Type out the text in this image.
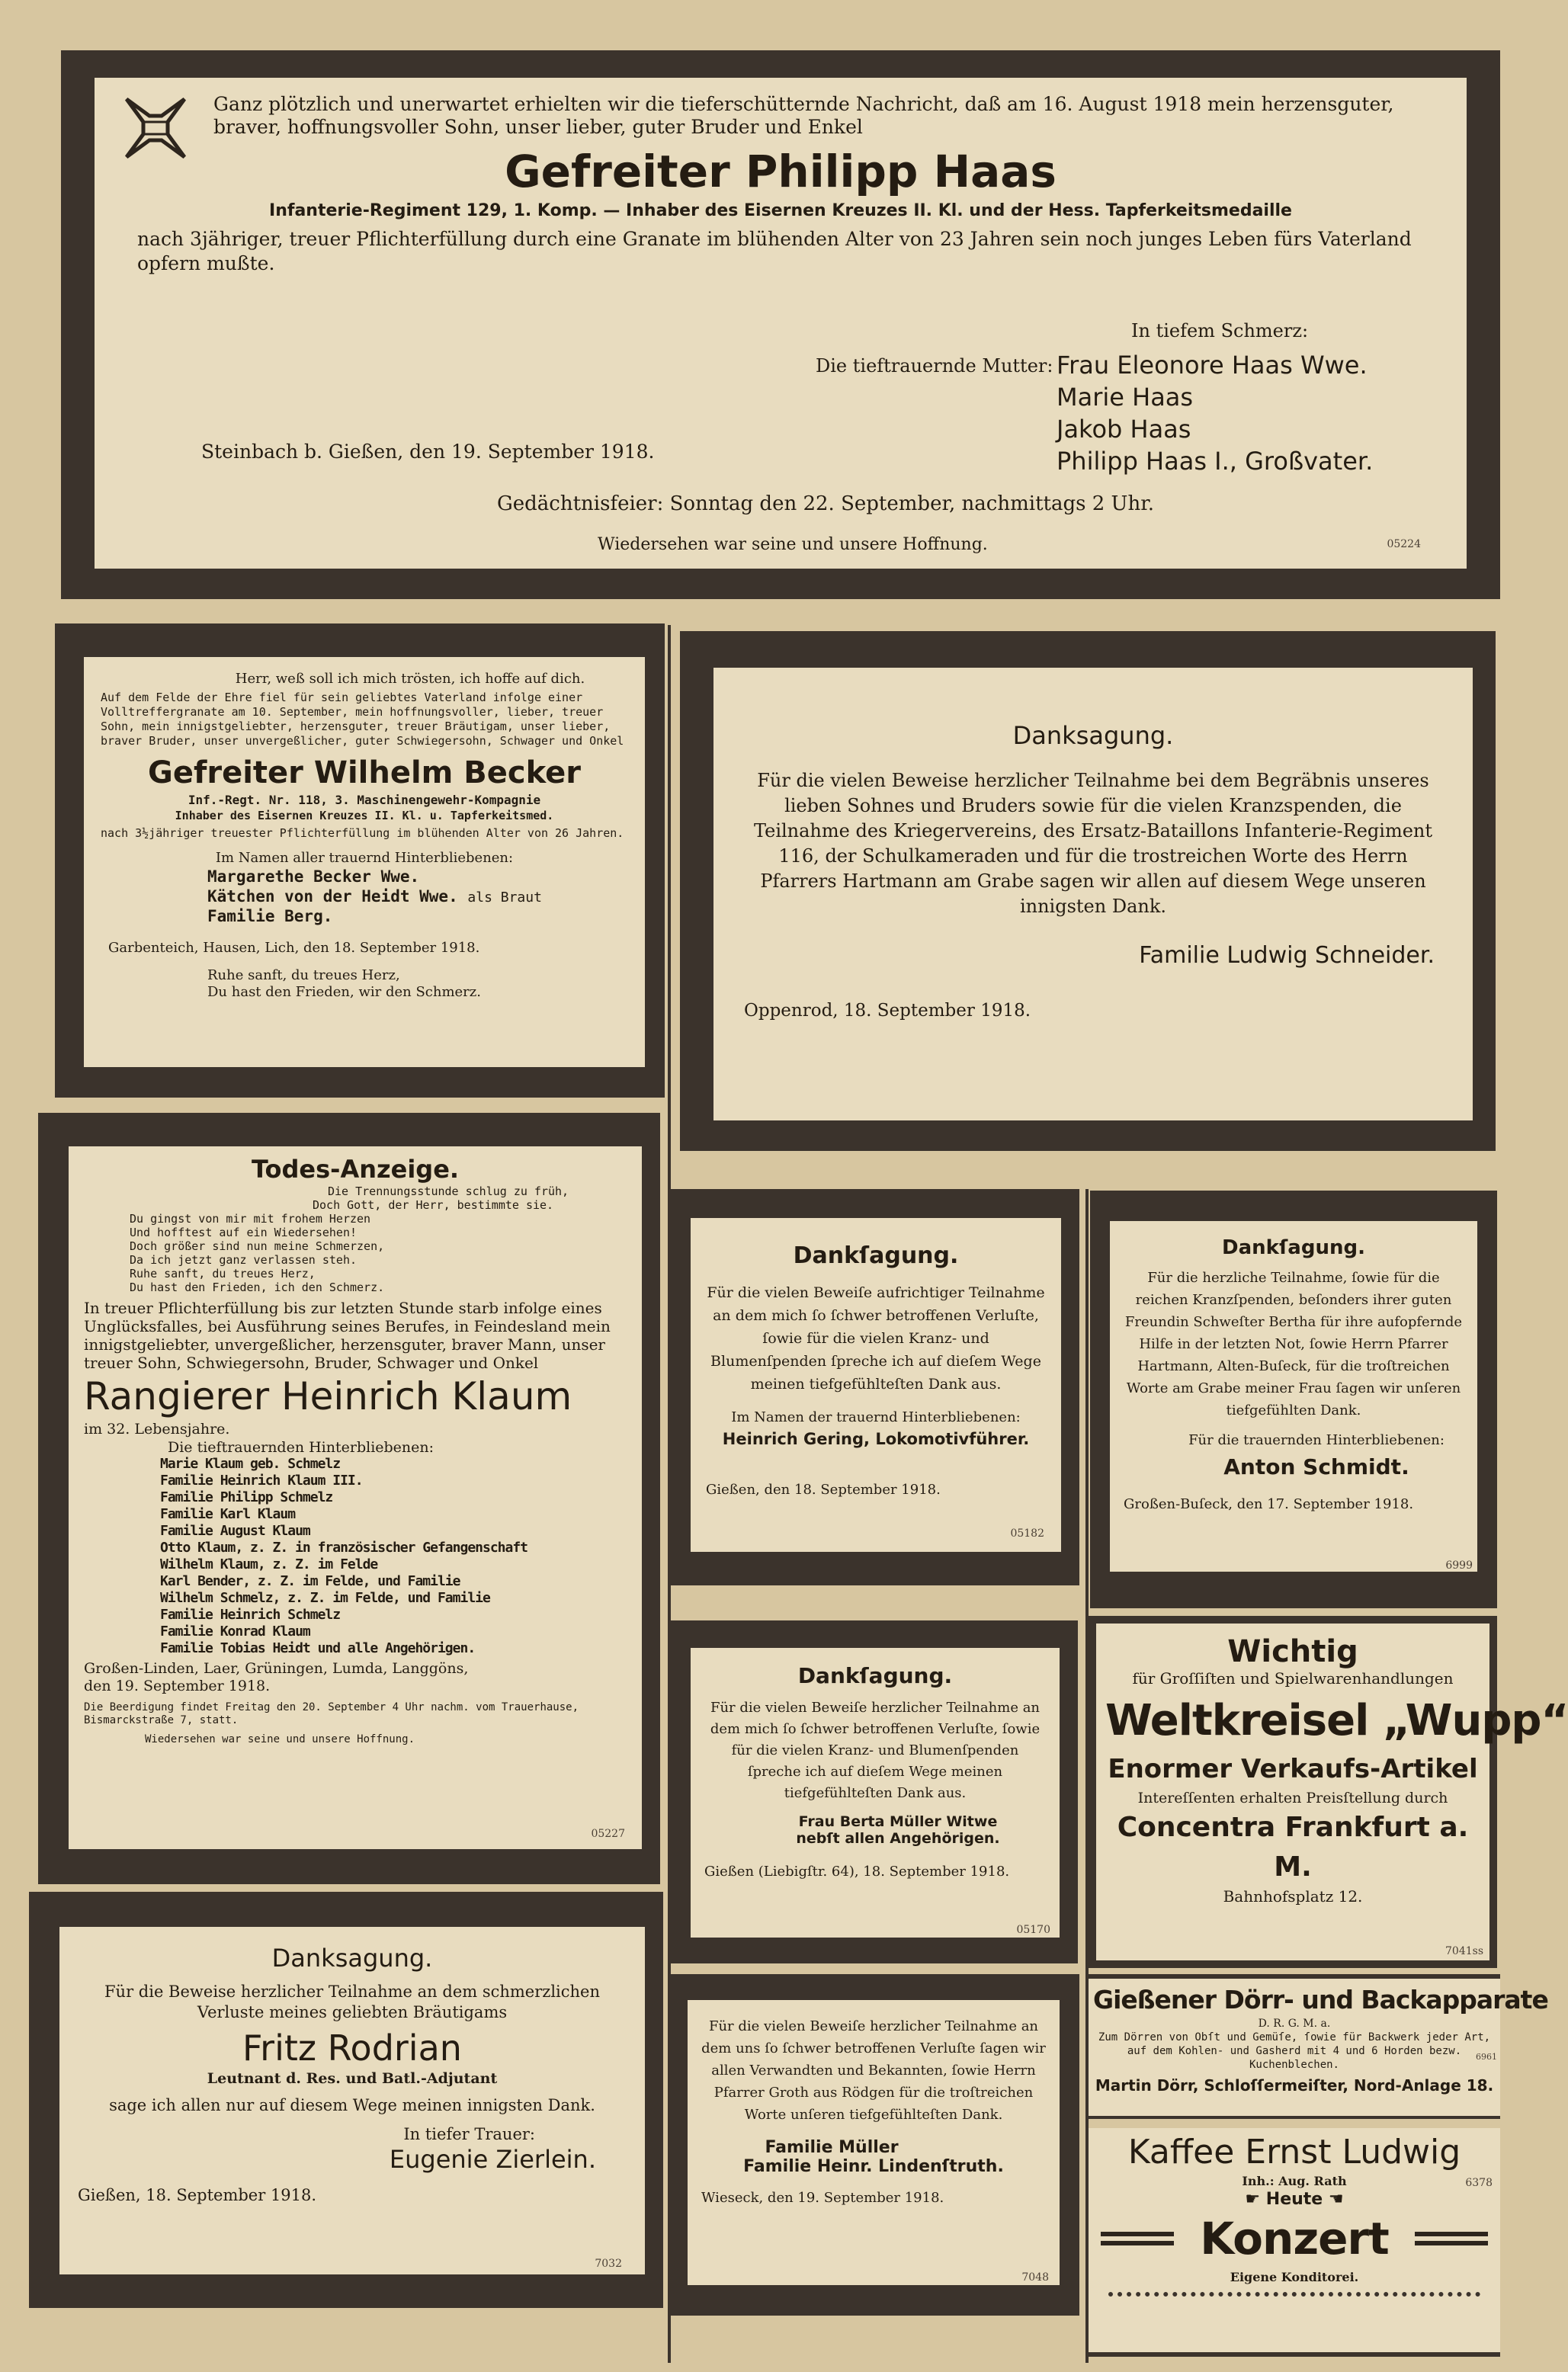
Ganz plötzlich und unerwartet erhielten wir die tieferschütternde Nachricht, daß am 16. August 1918 mein herzensguter, braver, hoffnungsvoller Sohn, unser lieber, guter Bruder und Enkel

Gefreiter Philipp Haas

Infanterie-Regiment 129, 1. Komp. — Inhaber des Eisernen Kreuzes II. Kl. und der Hess. Tapferkeitsmedaille

nach 3jähriger, treuer Pflichterfüllung durch eine Granate im blühenden Alter von 23 Jahren sein noch junges Leben fürs Vaterland opfern mußte.

In tiefem Schmerz:

Die tieftrauernde Mutter: Frau Eleonore Haas Wwe.

Marie Haas

Jakob Haas

Philipp Haas I., Großvater.

Steinbach b. Gießen, den 19. September 1918.

Gedächtnisfeier: Sonntag den 22. September, nachmittags 2 Uhr.

Wiedersehen war seine und unsere Hoffnung.	05224

Herr, weß soll ich mich trösten, ich hoffe auf dich.

Auf dem Felde der Ehre fiel für sein geliebtes Vaterland infolge einer Volltreffergranate am 10. September, mein hoffnungsvoller, lieber, treuer Sohn, mein innigstgeliebter, herzensguter, treuer Bräutigam, unser lieber, braver Bruder, unser unvergeßlicher, guter Schwiegersohn, Schwager und Onkel

Gefreiter Wilhelm Becker

Inf.-Regt. Nr. 118, 3. Maschinengewehr-Kompagnie

Inhaber des Eisernen Kreuzes II. Kl. u. Tapferkeitsmed.

nach 3½jähriger treuester Pflichterfüllung im blühenden Alter von 26 Jahren.

Im Namen aller trauernd Hinterbliebenen:

Margarethe Becker Wwe.

Kätchen von der Heidt Wwe. als Braut

Familie Berg.

Garbenteich, Hausen, Lich, den 18. September 1918.

Ruhe sanft, du treues Herz,

Du hast den Frieden, wir den Schmerz.

Danksagung.

Für die vielen Beweise herzlicher Teilnahme bei dem Begräbnis unseres lieben Sohnes und Bruders sowie für die vielen Kranzspenden, die Teilnahme des Kriegervereins, des Ersatz-Bataillons Infanterie-Regiment 116, der Schulkameraden und für die trostreichen Worte des Herrn Pfarrers Hartmann am Grabe sagen wir allen auf diesem Wege unseren innigsten Dank.

Familie Ludwig Schneider.

Oppenrod, 18. September 1918.

Todes-Anzeige.

Die Trennungsstunde schlug zu früh,

Doch Gott, der Herr, bestimmte sie.

Du gingst von mir mit frohem Herzen

Und hofftest auf ein Wiedersehen!

Doch größer sind nun meine Schmerzen,

Da ich jetzt ganz verlassen steh.

Ruhe sanft, du treues Herz,

Du hast den Frieden, ich den Schmerz.

In treuer Pflichterfüllung bis zur letzten Stunde starb infolge eines Unglücksfalles, bei Ausführung seines Berufes, in Feindesland mein innigstgeliebter, unvergeßlicher, herzensguter, braver Mann, unser treuer Sohn, Schwiegersohn, Bruder, Schwager und Onkel

Rangierer Heinrich Klaum

im 32. Lebensjahre.

Die tieftrauernden Hinterbliebenen:

Marie Klaum geb. Schmelz

Familie Heinrich Klaum III.

Familie Philipp Schmelz

Familie Karl Klaum

Familie August Klaum

Otto Klaum, z. Z. in französischer Gefangenschaft

Wilhelm Klaum, z. Z. im Felde

Karl Bender, z. Z. im Felde, und Familie

Wilhelm Schmelz, z. Z. im Felde, und Familie

Familie Heinrich Schmelz

Familie Konrad Klaum

Familie Tobias Heidt und alle Angehörigen.

Großen-Linden, Laer, Grüningen, Lumda, Langgöns, den 19. September 1918.

Die Beerdigung findet Freitag den 20. September 4 Uhr nachm. vom Trauerhause, Bismarckstraße 7, statt.

Wiedersehen war seine und unsere Hoffnung.

05227

Dankſagung.

Für die vielen Beweiſe aufrichtiger Teilnahme an dem mich ſo ſchwer betroffenen Verluſte, ſowie für die vielen Kranz- und Blumenſpenden ſpreche ich auf dieſem Wege meinen tiefgefühlteſten Dank aus.

Im Namen der trauernd Hinterbliebenen:

Heinrich Gering, Lokomotivführer.

Gießen, den 18. September 1918.

05182

Dankſagung.

Für die herzliche Teilnahme, ſowie für die reichen Kranzſpenden, beſonders ihrer guten Freundin Schweſter Bertha für ihre aufopfernde Hilfe in der letzten Not, ſowie Herrn Pfarrer Hartmann, Alten-Buſeck, für die troſtreichen Worte am Grabe meiner Frau ſagen wir unſeren tiefgefühlten Dank.

Für die trauernden Hinterbliebenen:

Anton Schmidt.

Großen-Buſeck, den 17. September 1918.

6999

Dankſagung.

Für die vielen Beweiſe herzlicher Teilnahme an dem mich ſo ſchwer betroffenen Verluſte, ſowie für die vielen Kranz- und Blumenſpenden ſpreche ich auf dieſem Wege meinen tiefgefühlteſten Dank aus.

Frau Berta Müller Witwe

nebſt allen Angehörigen.

Gießen (Liebigſtr. 64), 18. September 1918.

05170

Wichtig

für Groſſiſten und Spielwarenhandlungen

Weltkreisel „Wupp“

Enormer Verkaufs-Artikel

Intereſſenten erhalten Preisſtellung durch

Concentra Frankfurt a. M.

Bahnhofsplatz 12.

7041ss

Für die vielen Beweiſe herzlicher Teilnahme an dem uns ſo ſchwer betroffenen Verluſte ſagen wir allen Verwandten und Bekannten, ſowie Herrn Pfarrer Groth aus Rödgen für die troſtreichen Worte unſeren tiefgefühlteſten Dank.

Familie Müller

Familie Heinr. Lindenſtruth.

Wieseck, den 19. September 1918.

7048

Gießener Dörr- und Backapparate

D. R. G. M. a.

Zum Dörren von Obſt und Gemüſe, ſowie für Backwerk jeder Art, auf dem Kohlen- und Gasherd mit 4 und 6 Horden bezw. Kuchenblechen.

6961

Martin Dörr, Schloſſermeiſter, Nord-Anlage 18.

Kaffee Ernst Ludwig

Inh.: Aug. Rath	6378

☛ Heute ☚

Konzert

Eigene Konditorei.

Danksagung.

Für die Beweise herzlicher Teilnahme an dem schmerzlichen Verluste meines geliebten Bräutigams

Fritz Rodrian

Leutnant d. Res. und Batl.-Adjutant

sage ich allen nur auf diesem Wege meinen innigsten Dank.

In tiefer Trauer:

Eugenie Zierlein.

Gießen, 18. September 1918.

7032
